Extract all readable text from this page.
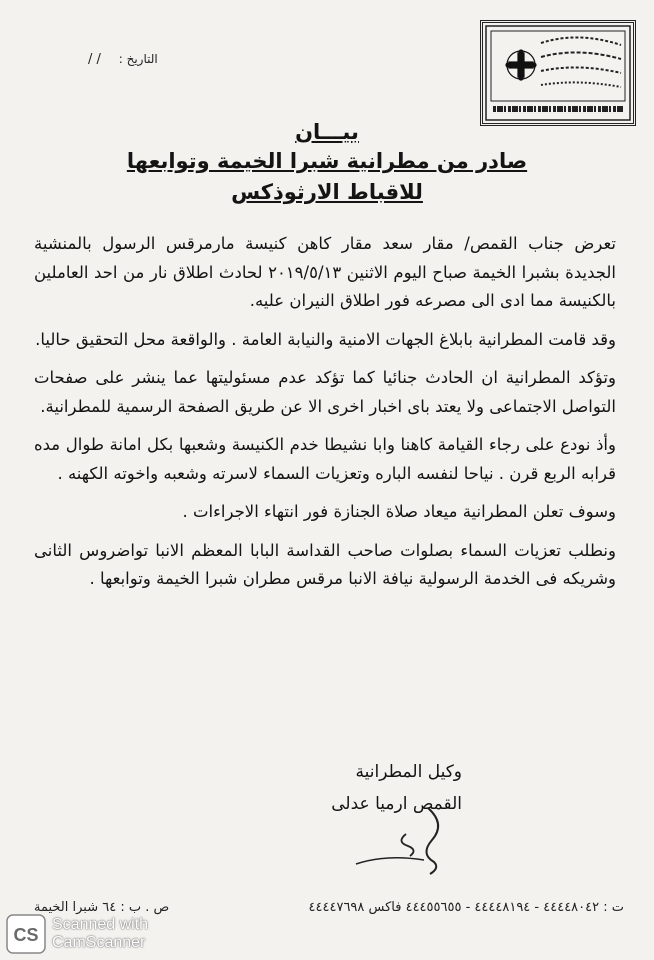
التاريخ : / /
بيـــان
صادر من مطرانية شبرا الخيمة وتوابعها
للاقباط الارثوذكس

تعرض جناب القمص/ مقار سعد مقار كاهن كنيسة مارمرقس الرسول بالمنشية الجديدة بشبرا الخيمة صباح اليوم الاثنين ٢٠١٩/٥/١٣ لحادث اطلاق نار من احد العاملين بالكنيسة مما ادى الى مصرعه فور اطلاق النيران عليه.

وقد قامت المطرانية بابلاغ الجهات الامنية والنيابة العامة . والواقعة محل التحقيق حاليا.

وتؤكد المطرانية ان الحادث جنائيا كما تؤكد عدم مسئوليتها عما ينشر على صفحات التواصل الاجتماعى ولا يعتد باى اخبار اخرى الا عن طريق الصفحة الرسمية للمطرانية.

وأذ نودع على رجاء القيامة كاهنا وابا نشيطا خدم الكنيسة وشعبها بكل امانة طوال مده قرابه الربع قرن . نياحا لنفسه الباره وتعزيات السماء لاسرته وشعبه واخوته الكهنه .

وسوف تعلن المطرانية ميعاد صلاة الجنازة فور انتهاء الاجراءات .

ونطلب تعزيات السماء بصلوات صاحب القداسة البابا المعظم الانبا تواضروس الثانى وشريكه فى الخدمة الرسولية نيافة الانبا مرقس مطران شبرا الخيمة وتوابعها .

وكيل المطرانية
القمص ارميا عدلى
ت : ٤٤٤٤٨٠٤٢ - ٤٤٤٤٨١٩٤ - ٤٤٤٥٥٦٥٥ فاكس ٤٤٤٤٧٦٩٨
ص . ب : ٦٤ شبرا الخيمة
CS
Scanned with
CamScanner
